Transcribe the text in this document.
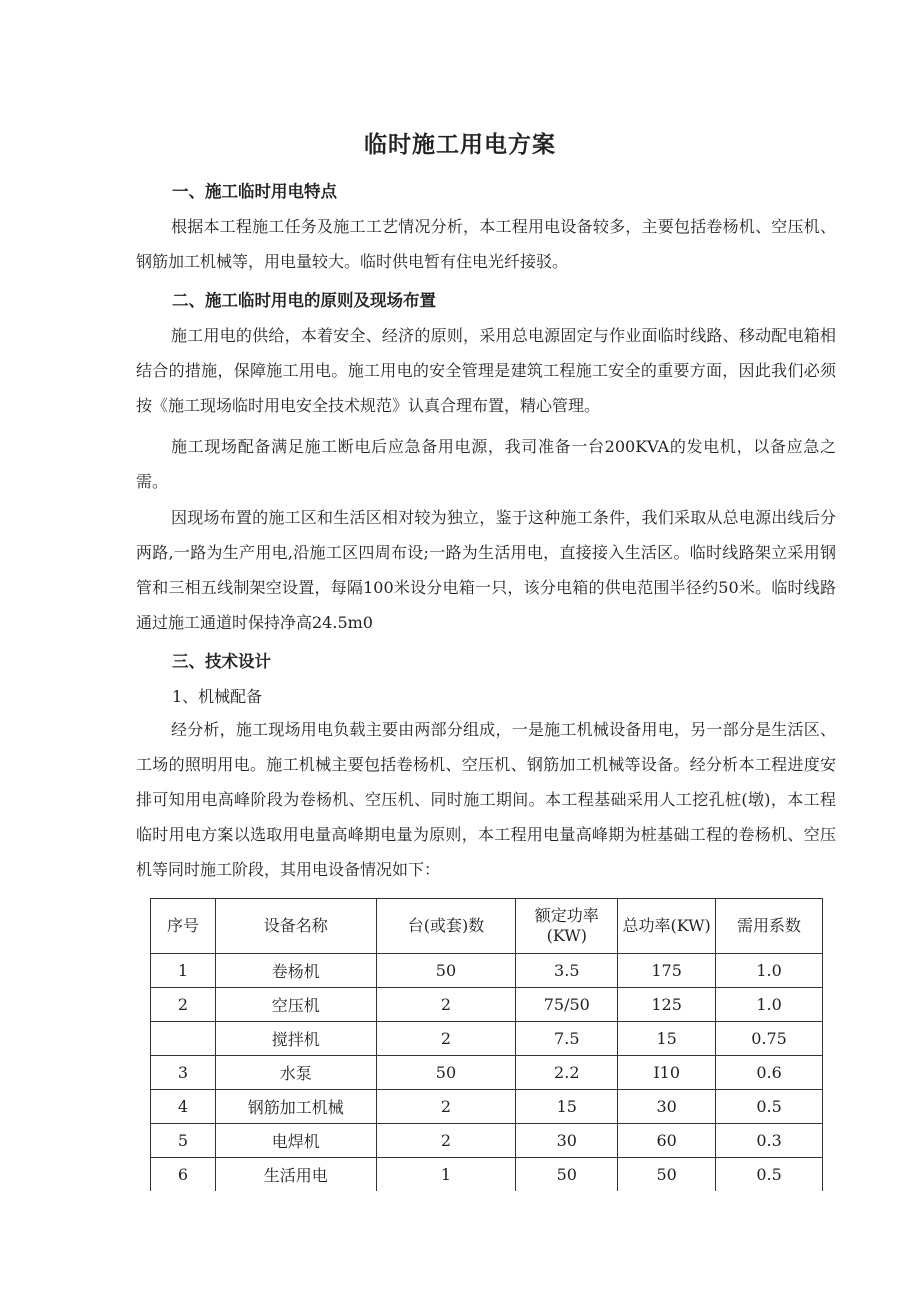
临时施工用电方案
一、施工临时用电特点

根据本工程施工任务及施工工艺情况分析，本工程用电设备较多，主要包括卷杨机、空压机、钢筋加工机械等，用电量较大。临时供电暂有住电光纤接驳。

二、施工临时用电的原则及现场布置

施工用电的供给，本着安全、经济的原则，采用总电源固定与作业面临时线路、移动配电箱相结合的措施，保障施工用电。施工用电的安全管理是建筑工程施工安全的重要方面，因此我们必须按《施工现场临时用电安全技术规范》认真合理布置，精心管理。

施工现场配备满足施工断电后应急备用电源，我司准备一台200KVA的发电机，以备应急之需。

因现场布置的施工区和生活区相对较为独立，鉴于这种施工条件，我们采取从总电源出线后分两路,一路为生产用电,沿施工区四周布设;一路为生活用电，直接接入生活区。临时线路架立采用钢管和三相五线制架空设置，每隔100米设分电箱一只，该分电箱的供电范围半径约50米。临时线路通过施工通道时保持净高24.5m0

三、技术设计
1、机械配备

经分析，施工现场用电负载主要由两部分组成，一是施工机械设备用电，另一部分是生活区、工场的照明用电。施工机械主要包括卷杨机、空压机、钢筋加工机械等设备。经分析本工程进度安排可知用电高峰阶段为卷杨机、空压机、同时施工期间。本工程基础采用人工挖孔桩(墩)，本工程临时用电方案以选取用电量高峰期电量为原则，本工程用电量高峰期为桩基础工程的卷杨机、空压机等同时施工阶段，其用电设备情况如下：

序号	设备名称	台(或套)数	额定功率(KW)	总功率(KW)	需用系数
1	卷杨机	50	3.5	175	1.0
2	空压机	2	75/50	125	1.0
	搅拌机	2	7.5	15	0.75
3	水泵	50	2.2	I10	0.6
4	钢筋加工机械	2	15	30	0.5
5	电焊机	2	30	60	0.3
6	生活用电	1	50	50	0.5
